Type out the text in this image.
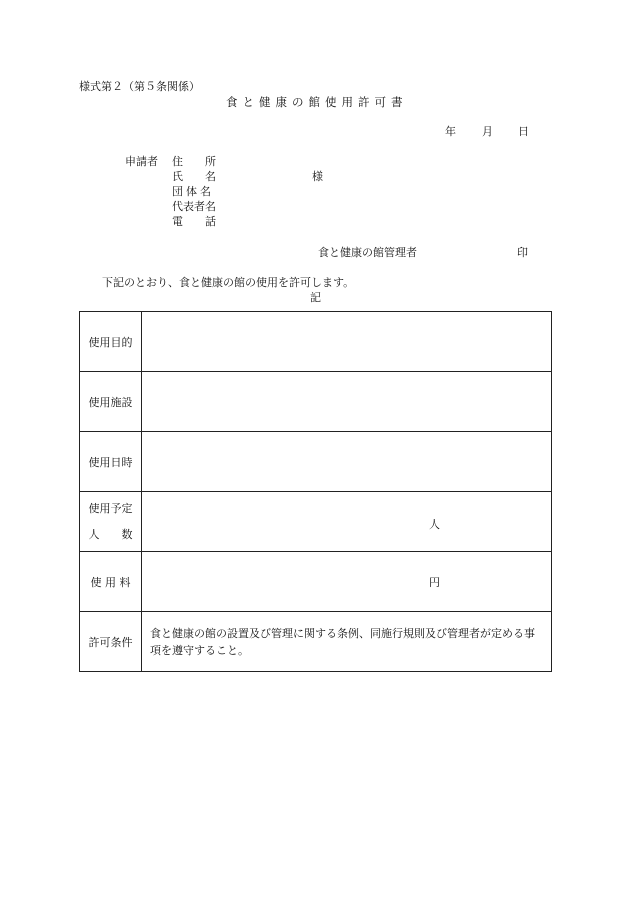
様式第２（第５条関係）
食と健康の館使用許可書
年 月 日
申請者 住　　所
氏　　名	様
団体名
代表者名
電　　話
食と健康の館管理者	印
下記のとおり、食と健康の館の使用を許可します。
記
使用目的	
使用施設	
使用日時	

使用予定
人　　数	人

使 用 料	円

許可条件	食と健康の館の設置及び管理に関する条例、同施行規則及び管理者が定める事項を遵守すること。
